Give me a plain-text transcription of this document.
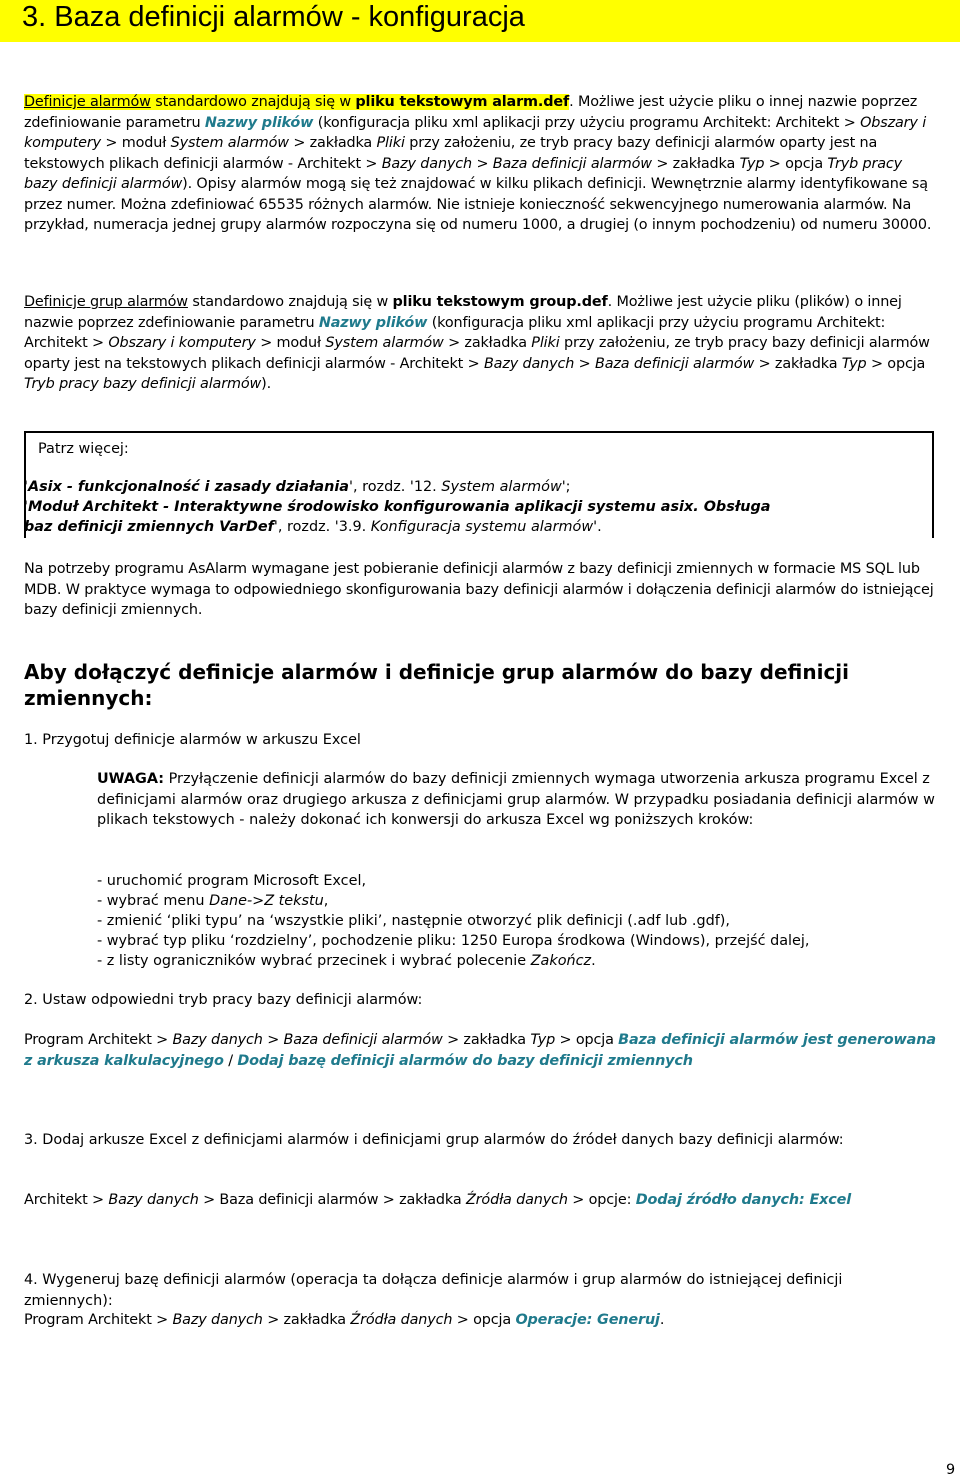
3. Baza definicji alarmów - konfiguracja
Definicje alarmów standardowo znajdują się w pliku tekstowym alarm.def. Możliwe jest użycie pliku o innej nazwie poprzez zdefiniowanie parametru Nazwy plików (konfiguracja pliku xml aplikacji przy użyciu programu Architekt: Architekt > Obszary i komputery > moduł System alarmów > zakładka Pliki przy założeniu, ze tryb pracy bazy definicji alarmów oparty jest na tekstowych plikach definicji alarmów - Architekt > Bazy danych > Baza definicji alarmów > zakładka Typ > opcja Tryb pracy bazy definicji alarmów). Opisy alarmów mogą się też znajdować w kilku plikach definicji. Wewnętrznie alarmy identyfikowane są przez numer. Można zdefiniować 65535 różnych alarmów. Nie istnieje konieczność sekwencyjnego numerowania alarmów. Na przykład, numeracja jednej grupy alarmów rozpoczyna się od numeru 1000, a drugiej (o innym pochodzeniu) od numeru 30000.
Definicje grup alarmów standardowo znajdują się w pliku tekstowym group.def. Możliwe jest użycie pliku (plików) o innej nazwie poprzez zdefiniowanie parametru Nazwy plików (konfiguracja pliku xml aplikacji przy użyciu programu Architekt: Architekt > Obszary i komputery > moduł System alarmów > zakładka Pliki przy założeniu, ze tryb pracy bazy definicji alarmów oparty jest na tekstowych plikach definicji alarmów - Architekt > Bazy danych > Baza definicji alarmów > zakładka Typ > opcja Tryb pracy bazy definicji alarmów).
Patrz więcej:
'Asix - funkcjonalność i zasady działania', rozdz. '12. System alarmów';
'Moduł Architekt - Interaktywne środowisko konfigurowania aplikacji systemu asix. Obsługa
baz definicji zmiennych VarDef', rozdz. '3.9. Konfiguracja systemu alarmów'.
Na potrzeby programu AsAlarm wymagane jest pobieranie definicji alarmów z bazy definicji zmiennych w formacie MS SQL lub MDB. W praktyce wymaga to odpowiedniego skonfigurowania bazy definicji alarmów i dołączenia definicji alarmów do istniejącej bazy definicji zmiennych.
Aby dołączyć definicje alarmów i definicje grup alarmów do bazy definicji zmiennych:
1. Przygotuj definicje alarmów w arkuszu Excel
UWAGA: Przyłączenie definicji alarmów do bazy definicji zmiennych wymaga utworzenia arkusza programu Excel z definicjami alarmów oraz drugiego arkusza z definicjami grup alarmów. W przypadku posiadania definicji alarmów w plikach tekstowych - należy dokonać ich konwersji do arkusza Excel wg poniższych kroków:
- uruchomić program Microsoft Excel,
- wybrać menu Dane->Z tekstu,
- zmienić ‘pliki typu’ na ‘wszystkie pliki’, następnie otworzyć plik definicji (.adf lub .gdf),
- wybrać typ pliku ‘rozdzielny’, pochodzenie pliku: 1250 Europa środkowa (Windows), przejść dalej,
- z listy ograniczników wybrać przecinek i wybrać polecenie Zakończ.
2. Ustaw odpowiedni tryb pracy bazy definicji alarmów:
Program Architekt > Bazy danych > Baza definicji alarmów > zakładka Typ > opcja Baza definicji alarmów jest generowana z arkusza kalkulacyjnego / Dodaj bazę definicji alarmów do bazy definicji zmiennych
3. Dodaj arkusze Excel z definicjami alarmów i definicjami grup alarmów do źródeł danych bazy definicji alarmów:
Architekt > Bazy danych > Baza definicji alarmów > zakładka Źródła danych > opcje: Dodaj źródło danych: Excel
4. Wygeneruj bazę definicji alarmów (operacja ta dołącza definicje alarmów i grup alarmów do istniejącej definicji zmiennych):
Program Architekt > Bazy danych > zakładka Źródła danych > opcja Operacje: Generuj.
9
